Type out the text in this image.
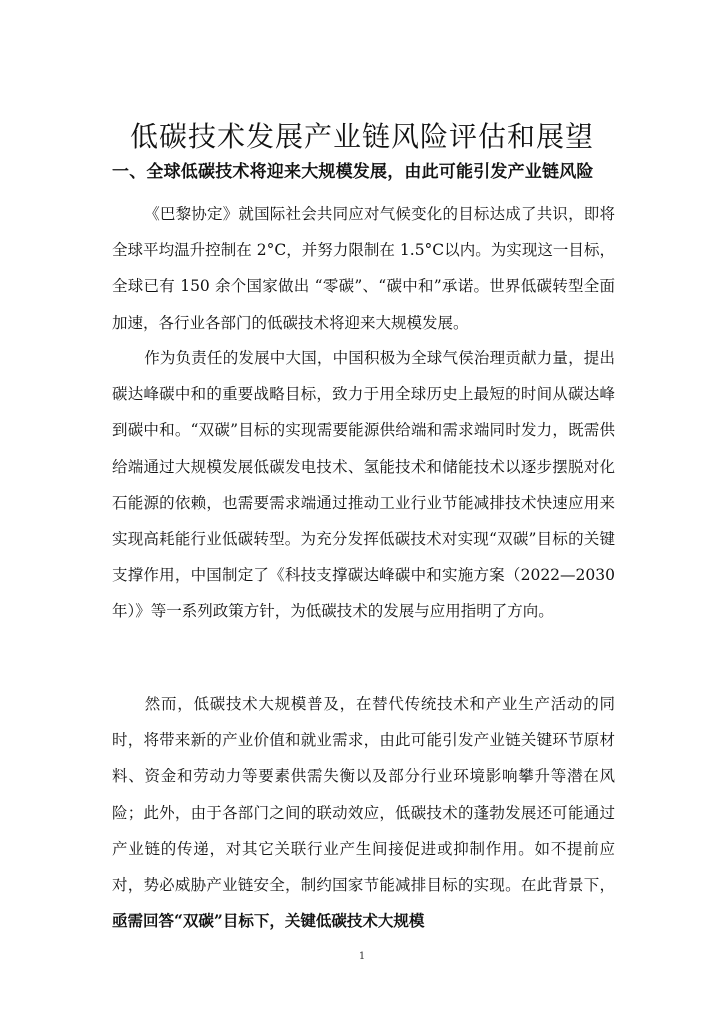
低碳技术发展产业链风险评估和展望
一、全球低碳技术将迎来大规模发展，由此可能引发产业链风险
《巴黎协定》就国际社会共同应对气候变化的目标达成了共识，即将全球平均温升控制在 2°C，并努力限制在 1.5°C以内。为实现这一目标，全球已有 150 余个国家做出 “零碳”、“碳中和”承诺。世界低碳转型全面加速，各行业各部门的低碳技术将迎来大规模发展。
作为负责任的发展中大国，中国积极为全球气侯治理贡献力量，提出碳达峰碳中和的重要战略目标，致力于用全球历史上最短的时间从碳达峰到碳中和。“双碳”目标的实现需要能源供给端和需求端同时发力，既需供给端通过大规模发展低碳发电技术、氢能技术和储能技术以逐步摆脱对化石能源的依赖，也需要需求端通过推动工业行业节能减排技术快速应用来实现高耗能行业低碳转型。为充分发挥低碳技术对实现“双碳”目标的关键支撑作用，中国制定了《科技支撑碳达峰碳中和实施方案（2022—2030 年）》等一系列政策方针，为低碳技术的发展与应用指明了方向。
然而，低碳技术大规模普及，在替代传统技术和产业生产活动的同时，将带来新的产业价值和就业需求，由此可能引发产业链关键环节原材料、资金和劳动力等要素供需失衡以及部分行业环境影响攀升等潜在风险；此外，由于各部门之间的联动效应，低碳技术的蓬勃发展还可能通过产业链的传递，对其它关联行业产生间接促进或抑制作用。如不提前应对，势必威胁产业链安全，制约国家节能减排目标的实现。在此背景下，亟需回答“双碳”目标下，关键低碳技术大规模
1
